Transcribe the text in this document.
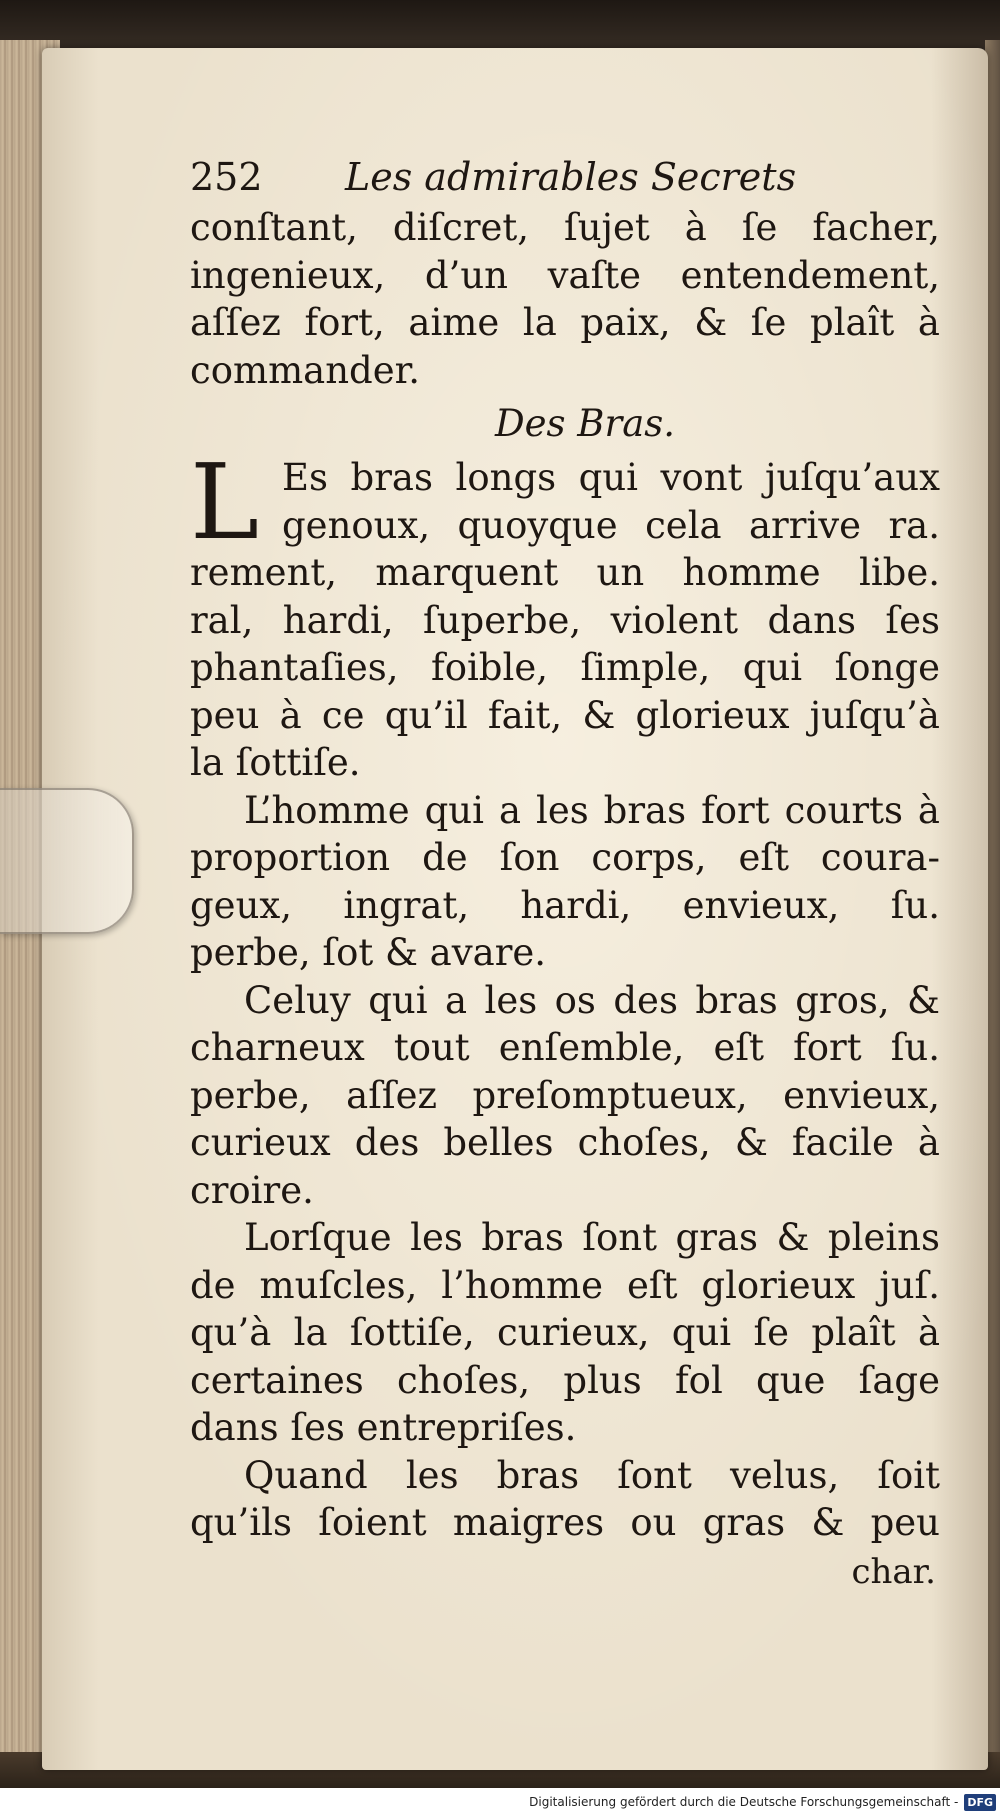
252 Les admirables Secrets
conſtant, diſcret, ſujet à ſe facher,
ingenieux, d’un vaſte entendement,
aſſez fort, aime la paix, & ſe plaît à
commander.
Des Bras.
L Es bras longs qui vont juſqu’aux
genoux, quoyque cela arrive ra.
rement, marquent un homme libe.
ral, hardi, ſuperbe, violent dans ſes
phantaſies, foible, ſimple, qui ſonge
peu à ce qu’il fait, & glorieux juſqu’à
la ſottiſe.
L’homme qui a les bras fort courts à
proportion de ſon corps, eſt coura-
geux, ingrat, hardi, envieux, ſu.
perbe, ſot & avare.
Celuy qui a les os des bras gros, &
charneux tout enſemble, eſt fort ſu.
perbe, aſſez preſomptueux, envieux,
curieux des belles choſes, & facile à
croire.
Lorſque les bras ſont gras & pleins
de muſcles, l’homme eſt glorieux juſ.
qu’à la ſottiſe, curieux, qui ſe plaît à
certaines choſes, plus fol que ſage
dans ſes entrepriſes.
Quand les bras ſont velus, ſoit
qu’ils ſoient maigres ou gras & peu
char.
Digitalisierung gefördert durch die Deutsche Forschungsgemeinschaft - DFG
